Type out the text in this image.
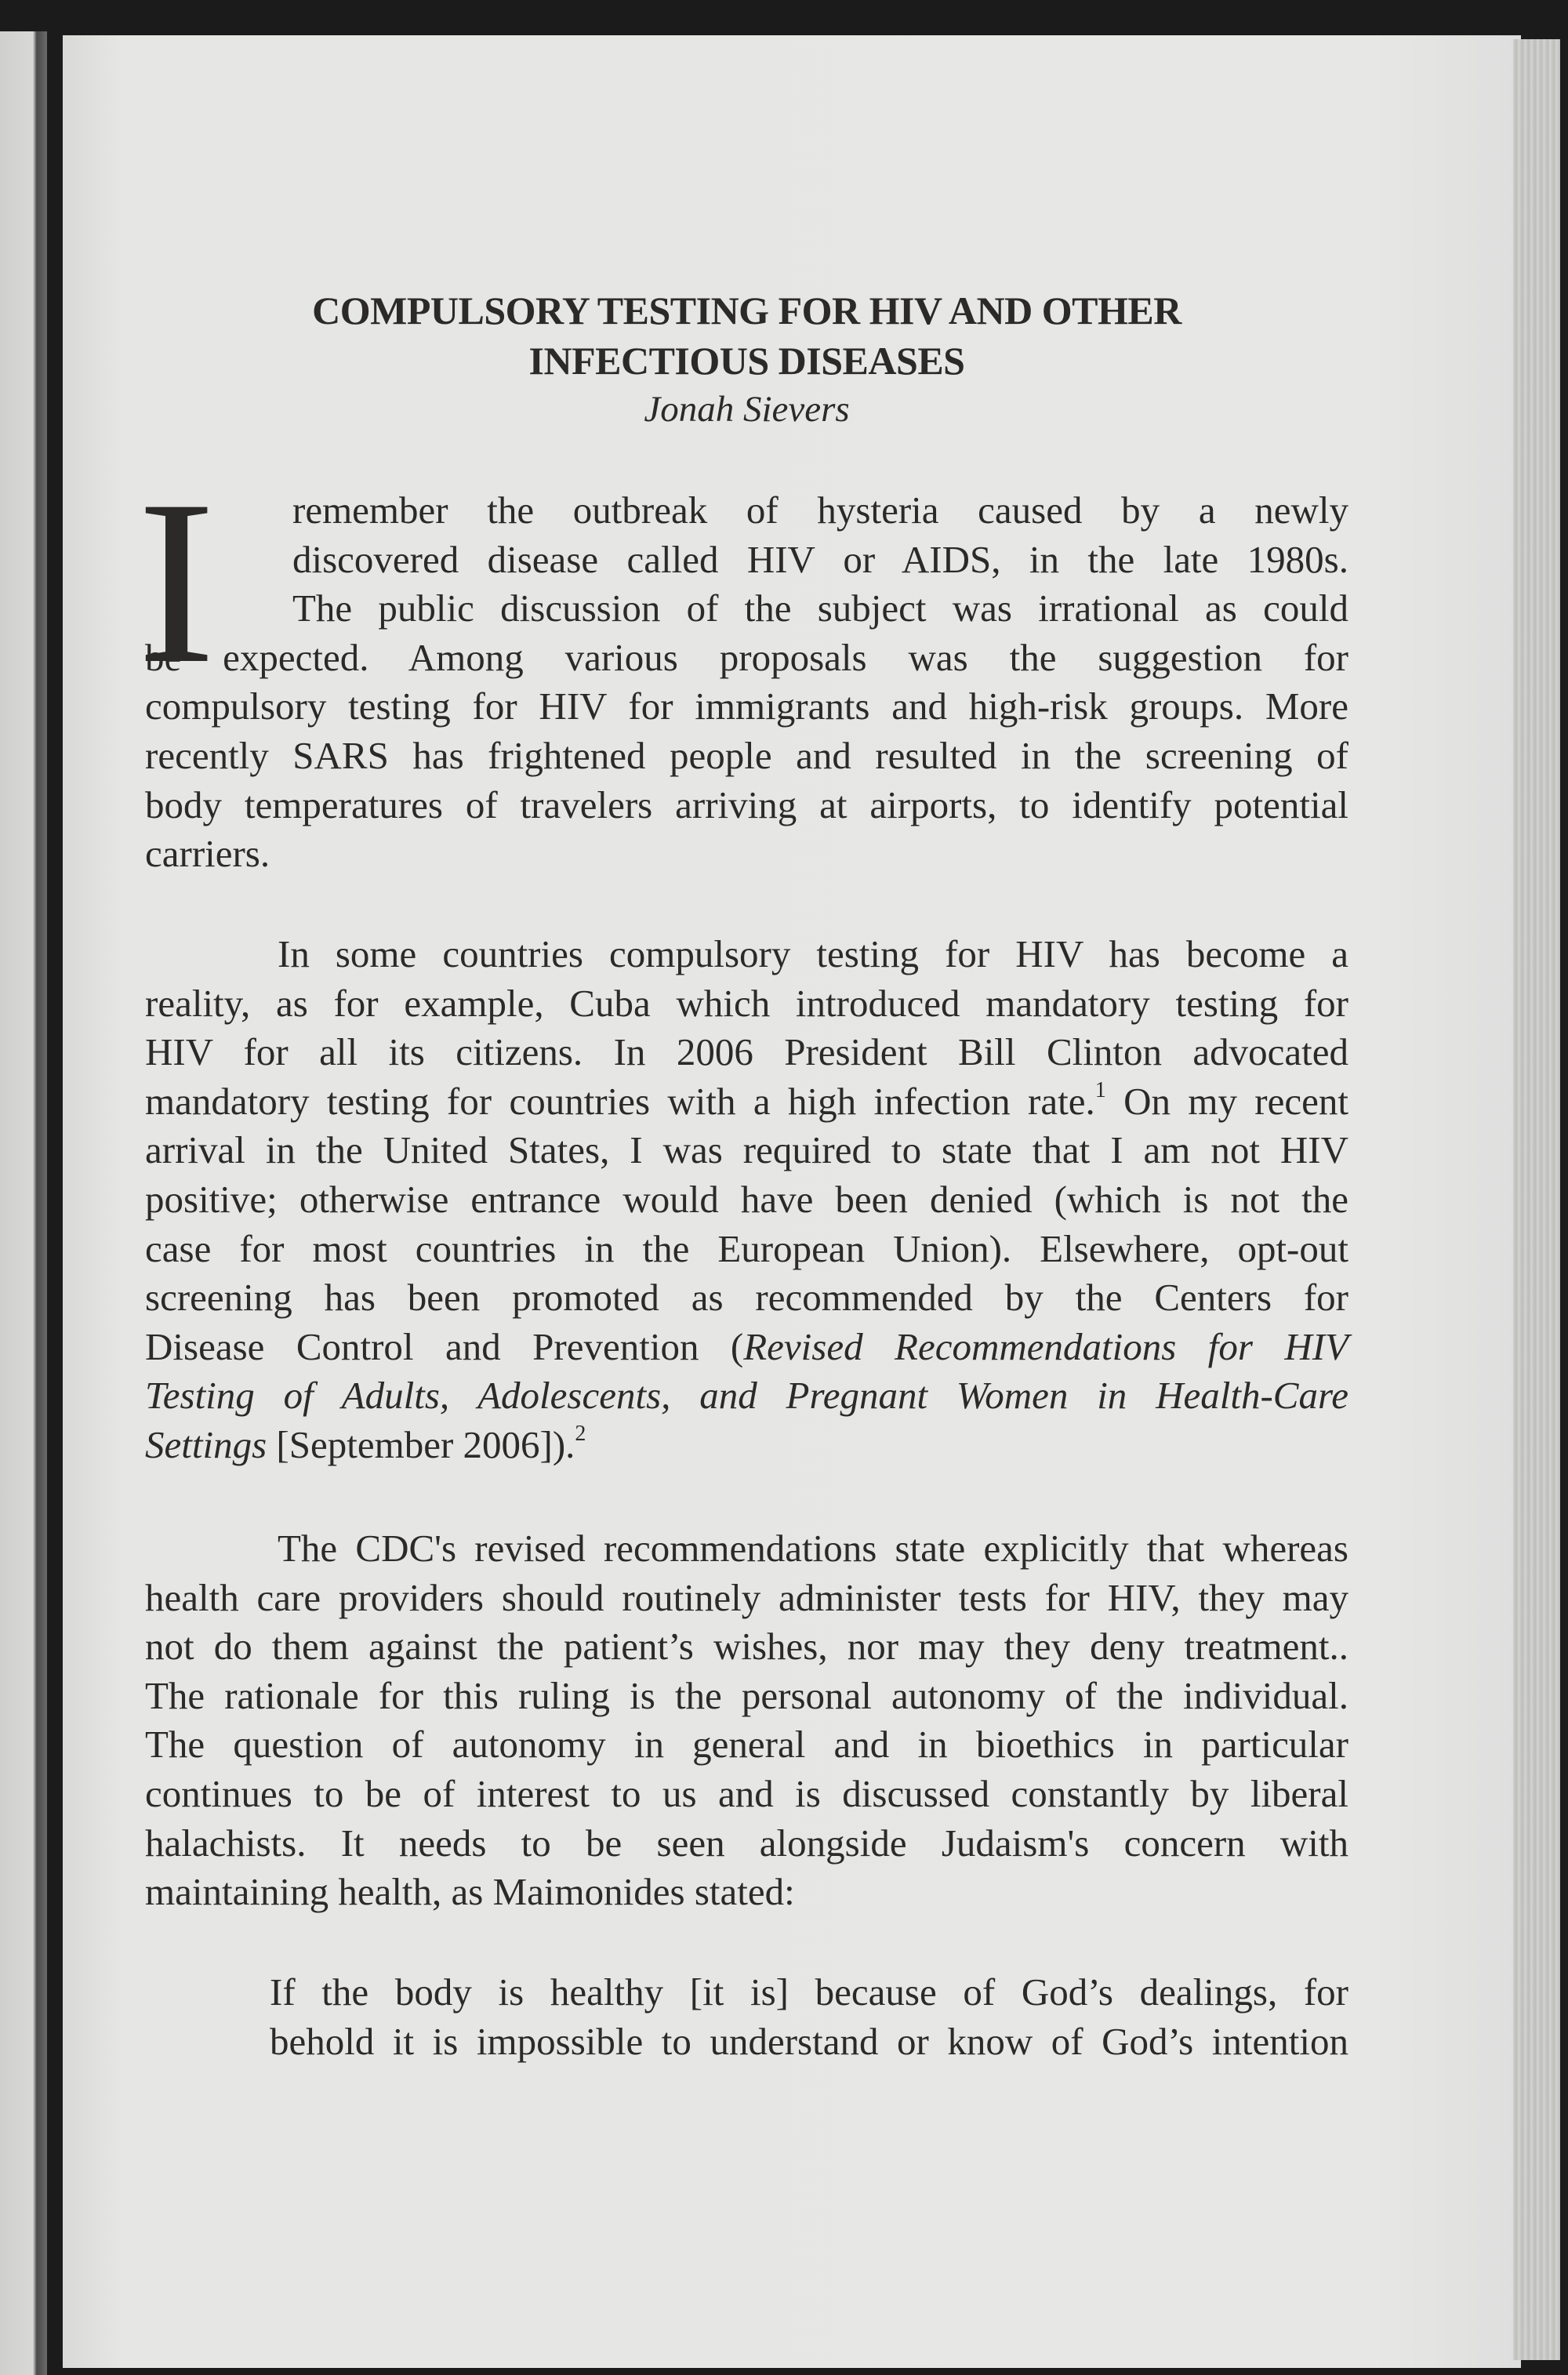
COMPULSORY TESTING FOR HIV AND OTHER
INFECTIOUS DISEASES
Jonah Sievers
I	remember the outbreak of hysteria caused by a newly
discovered disease called HIV or AIDS, in the late 1980s.
The public discussion of the subject was irrational as could
be expected. Among various proposals was the suggestion for
compulsory testing for HIV for immigrants and high-risk groups. More
recently SARS has frightened people and resulted in the screening of
body temperatures of travelers arriving at airports, to identify potential
carriers.
In some countries compulsory testing for HIV has become a
reality, as for example, Cuba which introduced mandatory testing for
HIV for all its citizens. In 2006 President Bill Clinton advocated
mandatory testing for countries with a high infection rate.$^1$ On my recent
arrival in the United States, I was required to state that I am not HIV
positive; otherwise entrance would have been denied (which is not the
case for most countries in the European Union). Elsewhere, opt-out
screening has been promoted as recommended by the Centers for
Disease Control and Prevention (Revised Recommendations for HIV
Testing of Adults, Adolescents, and Pregnant Women in Health-Care
Settings [September 2006]).$^2$
The CDC's revised recommendations state explicitly that whereas
health care providers should routinely administer tests for HIV, they may
not do them against the patient’s wishes, nor may they deny treatment..
The rationale for this ruling is the personal autonomy of the individual.
The question of autonomy in general and in bioethics in particular
continues to be of interest to us and is discussed constantly by liberal
halachists. It needs to be seen alongside Judaism's concern with
maintaining health, as Maimonides stated:
If the body is healthy [it is] because of God’s dealings, for
behold it is impossible to understand or know of God’s intention
